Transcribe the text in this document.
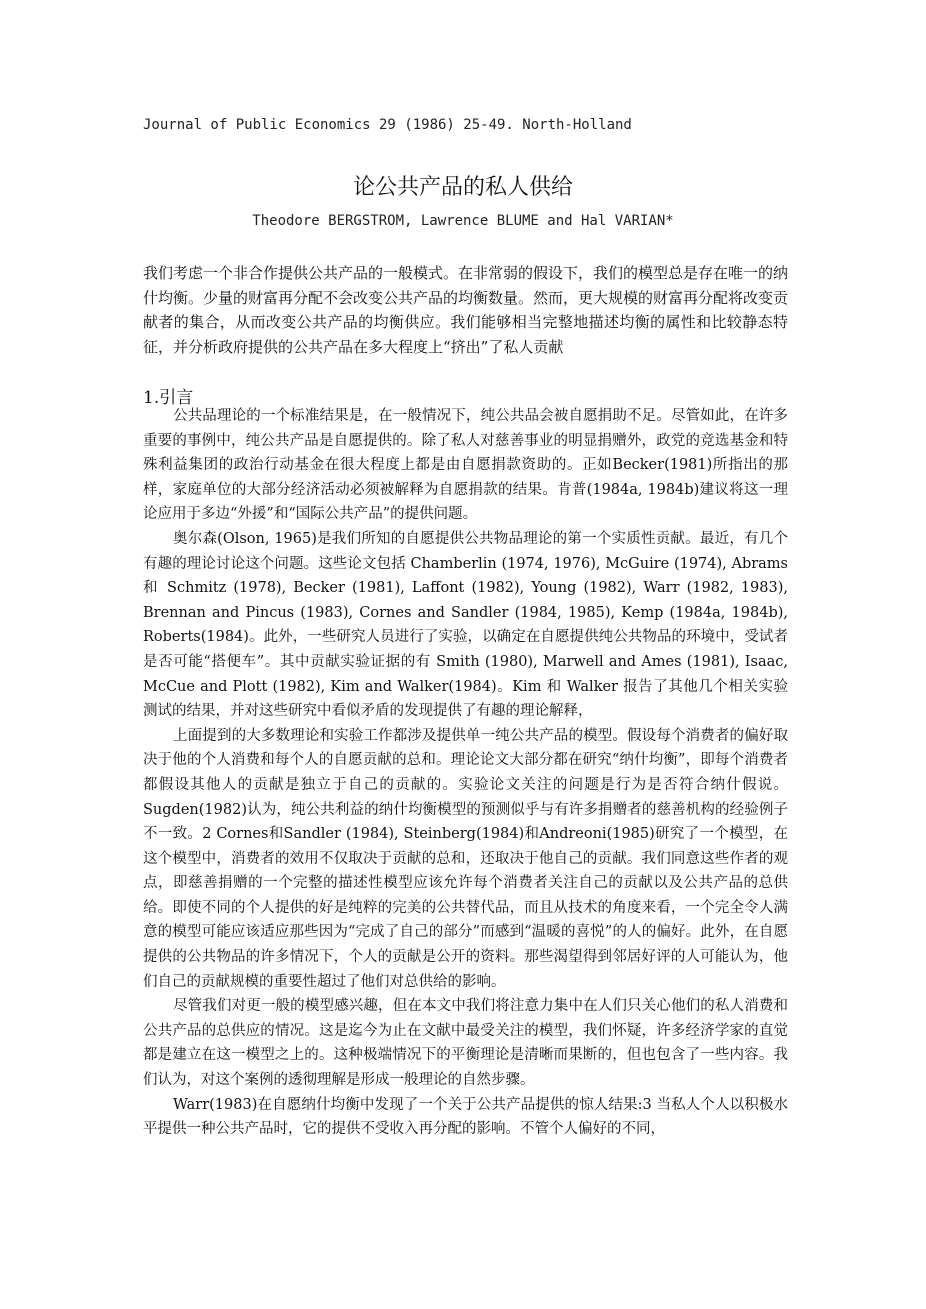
Journal of Public Economics 29 (1986) 25-49. North-Holland
论公共产品的私人供给
Theodore BERGSTROM, Lawrence BLUME and Hal VARIAN*
我们考虑一个非合作提供公共产品的一般模式。在非常弱的假设下，我们的模型总是存在唯一的纳什均衡。少量的财富再分配不会改变公共产品的均衡数量。然而，更大规模的财富再分配将改变贡献者的集合，从而改变公共产品的均衡供应。我们能够相当完整地描述均衡的属性和比较静态特征，并分析政府提供的公共产品在多大程度上“挤出”了私人贡献
1.引言

公共品理论的一个标准结果是，在一般情况下，纯公共品会被自愿捐助不足。尽管如此，在许多重要的事例中，纯公共产品是自愿提供的。除了私人对慈善事业的明显捐赠外，政党的竞选基金和特殊利益集团的政治行动基金在很大程度上都是由自愿捐款资助的。正如Becker(1981)所指出的那样，家庭单位的大部分经济活动必须被解释为自愿捐款的结果。肯普(1984a, 1984b)建议将这一理论应用于多边“外援”和“国际公共产品”的提供问题。

奥尔森(Olson, 1965)是我们所知的自愿提供公共物品理论的第一个实质性贡献。最近，有几个有趣的理论讨论这个问题。这些论文包括 Chamberlin (1974, 1976), McGuire (1974), Abrams和 Schmitz (1978), Becker (1981), Laffont (1982), Young (1982), Warr (1982, 1983), Brennan and Pincus (1983), Cornes and Sandler (1984, 1985), Kemp (1984a, 1984b), Roberts(1984)。此外，一些研究人员进行了实验，以确定在自愿提供纯公共物品的环境中，受试者是否可能“搭便车”。其中贡献实验证据的有 Smith (1980), Marwell and Ames (1981), Isaac, McCue and Plott (1982), Kim and Walker(1984)。Kim 和 Walker 报告了其他几个相关实验测试的结果，并对这些研究中看似矛盾的发现提供了有趣的理论解释，

上面提到的大多数理论和实验工作都涉及提供单一纯公共产品的模型。假设每个消费者的偏好取决于他的个人消费和每个人的自愿贡献的总和。理论论文大部分都在研究“纳什均衡”，即每个消费者都假设其他人的贡献是独立于自己的贡献的。实验论文关注的问题是行为是否符合纳什假说。Sugden(1982)认为，纯公共利益的纳什均衡模型的预测似乎与有许多捐赠者的慈善机构的经验例子不一致。2 Cornes和Sandler (1984), Steinberg(1984)和Andreoni(1985)研究了一个模型，在这个模型中，消费者的效用不仅取决于贡献的总和，还取决于他自己的贡献。我们同意这些作者的观点，即慈善捐赠的一个完整的描述性模型应该允许每个消费者关注自己的贡献以及公共产品的总供给。即使不同的个人提供的好是纯粹的完美的公共替代品，而且从技术的角度来看，一个完全令人满意的模型可能应该适应那些因为“完成了自己的部分”而感到“温暖的喜悦”的人的偏好。此外，在自愿提供的公共物品的许多情况下，个人的贡献是公开的资料。那些渴望得到邻居好评的人可能认为，他们自己的贡献规模的重要性超过了他们对总供给的影响。

尽管我们对更一般的模型感兴趣，但在本文中我们将注意力集中在人们只关心他们的私人消费和公共产品的总供应的情况。这是迄今为止在文献中最受关注的模型，我们怀疑，许多经济学家的直觉都是建立在这一模型之上的。这种极端情况下的平衡理论是清晰而果断的，但也包含了一些内容。我们认为，对这个案例的透彻理解是形成一般理论的自然步骤。

Warr(1983)在自愿纳什均衡中发现了一个关于公共产品提供的惊人结果:3 当私人个人以积极水平提供一种公共产品时，它的提供不受收入再分配的影响。不管个人偏好的不同，
